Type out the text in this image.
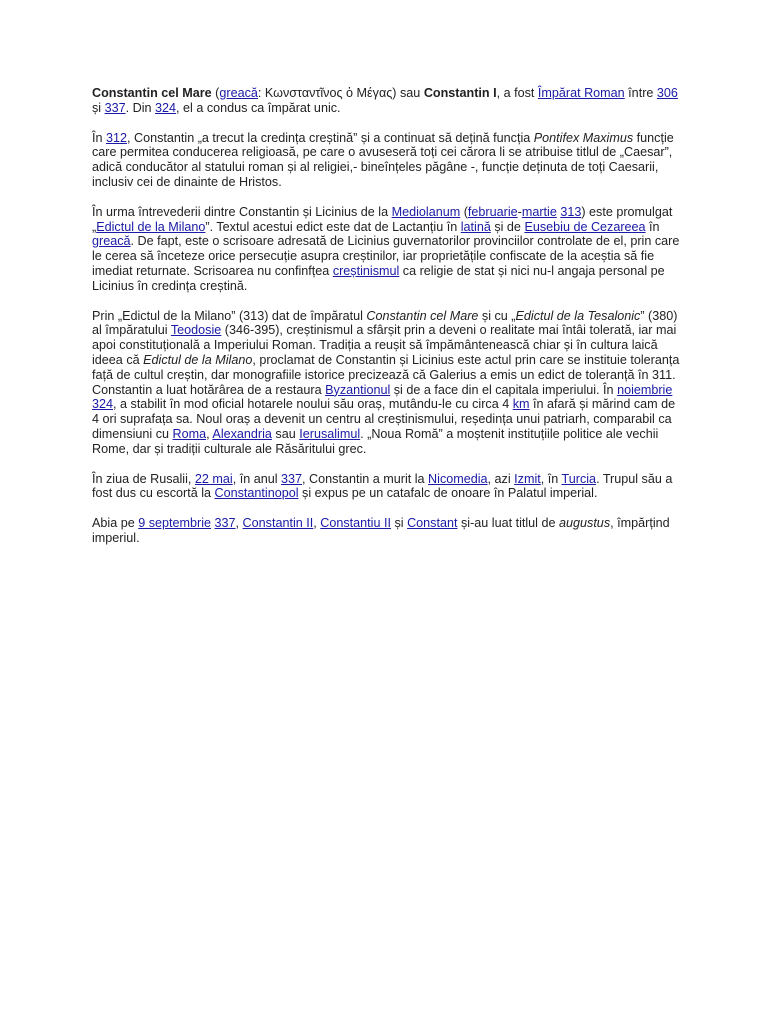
Constantin cel Mare (greacă: Κωνσταντῖνος ὁ Μέγας) sau Constantin I, a fost Împărat Roman între 306 și 337. Din 324, el a condus ca împărat unic.

În 312, Constantin „a trecut la credința creștină” și a continuat să dețină funcția Pontifex Maximus funcție care permitea conducerea religioasă, pe care o avuseseră toți cei cărora li se atribuise titlul de „Caesar”, adică conducător al statului roman și al religiei,- bineînțeles păgâne -, funcție deținuta de toți Caesarii, inclusiv cei de dinainte de Hristos.

În urma întrevederii dintre Constantin și Licinius de la Mediolanum (februarie-martie 313) este promulgat „Edictul de la Milano”. Textul acestui edict este dat de Lactanțiu în latină și de Eusebiu de Cezareea în greacă. De fapt, este o scrisoare adresată de Licinius guvernatorilor provinciilor controlate de el, prin care le cerea să înceteze orice persecuție asupra creștinilor, iar proprietățile confiscate de la aceștia să fie imediat returnate. Scrisoarea nu confinfțea creștinismul ca religie de stat și nici nu-l angaja personal pe Licinius în credința creștină.

Prin „Edictul de la Milano” (313) dat de împăratul Constantin cel Mare și cu „Edictul de la Tesalonic” (380) al împăratului Teodosie (346-395), creștinismul a sfârșit prin a deveni o realitate mai întâi tolerată, iar mai apoi constituțională a Imperiului Roman. Tradiția a reușit să împământenească chiar și în cultura laică ideea că Edictul de la Milano, proclamat de Constantin și Licinius este actul prin care se instituie toleranța față de cultul creștin, dar monografiile istorice precizează că Galerius a emis un edict de toleranță în 311. Constantin a luat hotărârea de a restaura Byzantionul și de a face din el capitala imperiului. În noiembrie 324, a stabilit în mod oficial hotarele noului său oraș, mutându-le cu circa 4 km în afară și mărind cam de 4 ori suprafața sa. Noul oraș a devenit un centru al creștinismului, reședința unui patriarh, comparabil ca dimensiuni cu Roma, Alexandria sau Ierusalimul. „Noua Romă” a moștenit instituțiile politice ale vechii Rome, dar și tradiții culturale ale Răsăritului grec.

În ziua de Rusalii, 22 mai, în anul 337, Constantin a murit la Nicomedia, azi Izmit, în Turcia. Trupul său a fost dus cu escortă la Constantinopol și expus pe un catafalc de onoare în Palatul imperial.

Abia pe 9 septembrie 337, Constantin II, Constantiu II și Constant și-au luat titlul de augustus, împărțind imperiul.
